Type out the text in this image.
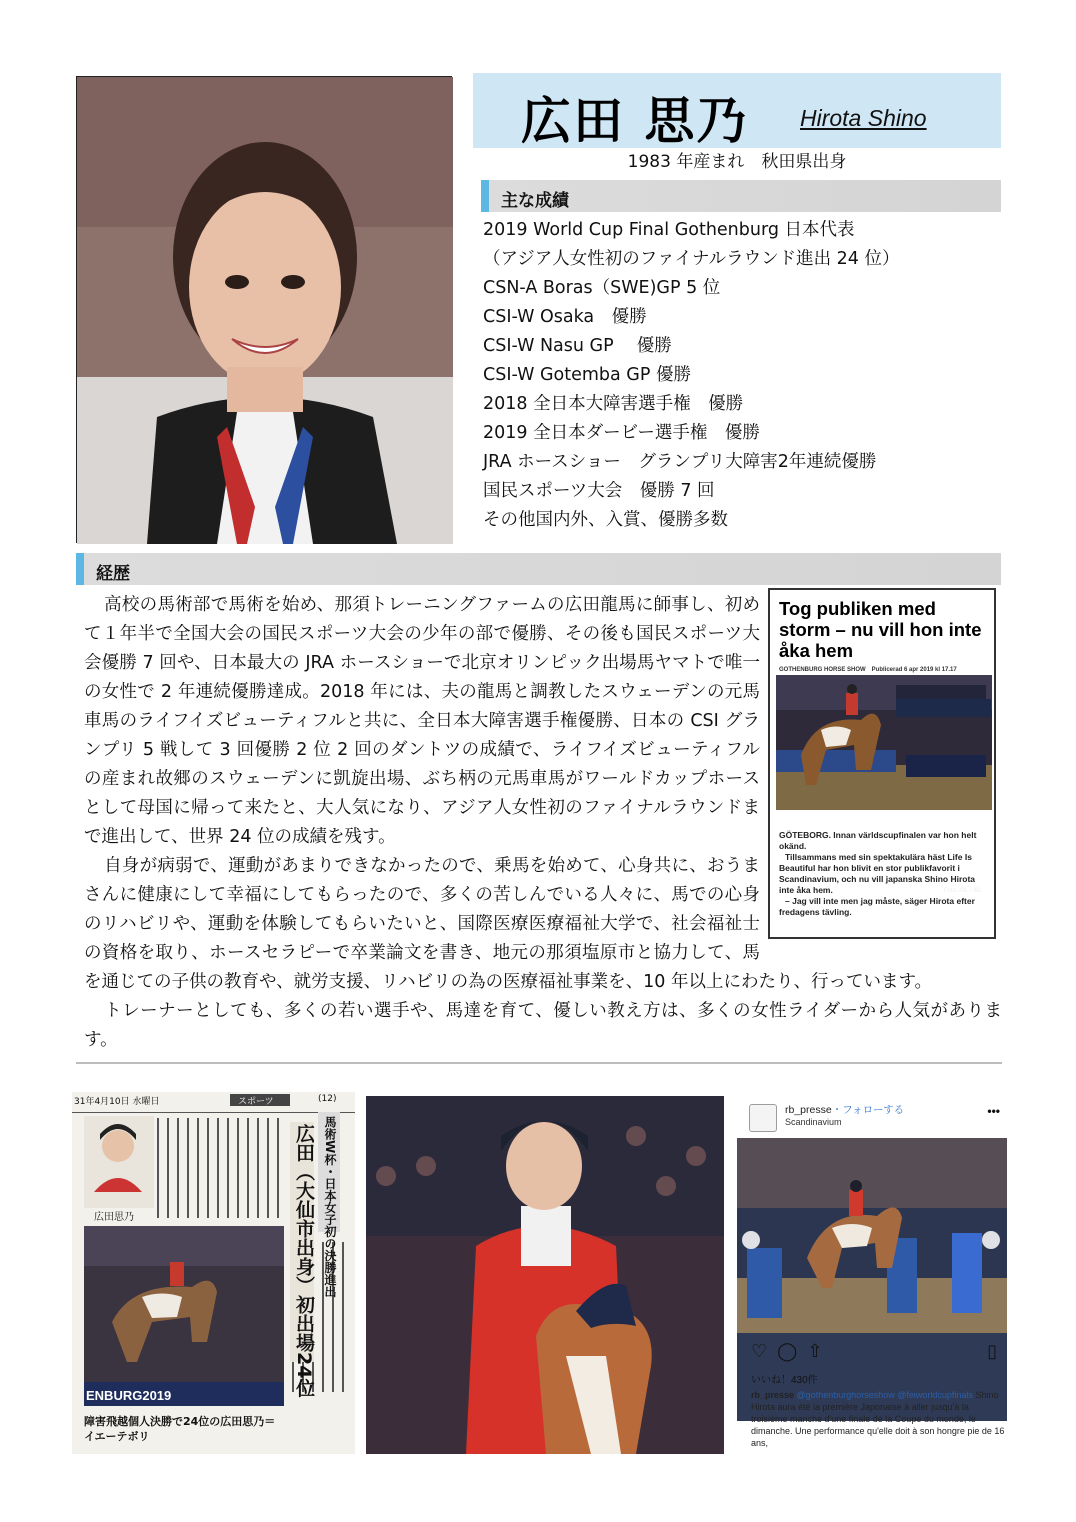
広田 思乃 Hirota Shino
1983 年産まれ　秋田県出身
主な成績
2019 World Cup Final Gothenburg 日本代表
（アジア人女性初のファイナルラウンド進出 24 位）
CSN-A Boras（SWE)GP 5 位
CSI-W Osaka　優勝
CSI-W Nasu GP　 優勝
CSI-W Gotemba GP 優勝
2018 全日本大障害選手権　優勝
2019 全日本ダービー選手権　優勝
JRA ホースショー　グランプリ大障害2年連続優勝
国民スポーツ大会　優勝 7 回
その他国内外、入賞、優勝多数
経歴

高校の馬術部で馬術を始め、那須トレーニングファームの広田龍馬に師事し、初めて１年半で全国大会の国民スポーツ大会の少年の部で優勝、その後も国民スポーツ大会優勝 7 回や、日本最大の JRA ホースショーで北京オリンピック出場馬ヤマトで唯一の女性で 2 年連続優勝達成。2018 年には、夫の龍馬と調教したスウェーデンの元馬車馬のライフイズビューティフルと共に、全日本大障害選手権優勝、日本の CSI グランプリ 5 戦して 3 回優勝 2 位 2 回のダントツの成績で、ライフイズビューティフルの産まれ故郷のスウェーデンに凱旋出場、ぶち柄の元馬車馬がワールドカップホースとして母国に帰って来たと、大人気になり、アジア人女性初のファイナルラウンドまで進出して、世界 24 位の成績を残す。

自身が病弱で、運動があまりできなかったので、乗馬を始めて、心身共に、おうまさんに健康にして幸福にしてもらったので、多くの苦しんでいる人々に、馬での心身のリハビリや、運動を体験してもらいたいと、国際医療医療福祉大学で、社会福祉士の資格を取り、ホースセラピーで卒業論文を書き、地元の那須塩原市と協力して、馬を通じての子供の教育や、就労支援、リハビリの為の医療福祉事業を、10 年以上にわたり、行っています。

トレーナーとしても、多くの若い選手や、馬達を育て、優しい教え方は、多くの女性ライダーから人気があります。

Tog publiken med storm – nu vill hon inte åka hem
GOTHENBURG HORSE SHOW　Publicerad 6 apr 2019 kl 17.17
Foto: /BL / /BL

GÖTEBORG. Innan världscupfinalen var hon helt okänd.

Tillsammans med sin spektakulära häst Life Is Beautiful har hon blivit en stor publikfavorit i Scandinavium, och nu vill japanska Shino Hirota inte åka hem.

– Jag vill inte men jag måste, säger Hirota efter fredagens tävling.

31年4月10日 水曜日	スポーツ	(12)
馬術W杯・日本女子初の決勝進出
広田（大仙市出身）初出場24位
広田思乃
ENBURG2019
障害飛越個人決勝で24位の広田思乃＝イエーテボリ
rb_presse・フォローする
Scandinavium
•••
♡ ◯ ⇧	▯
いいね！430件
rb_presse @gothenburghorseshow @feiworldcupfinals Shino Hirota aura été la première Japonaise à aller jusqu'à la troisième manche d'une finale de la Coupe du monde, le dimanche. Une performance qu'elle doit à son hongre pie de 16 ans,
